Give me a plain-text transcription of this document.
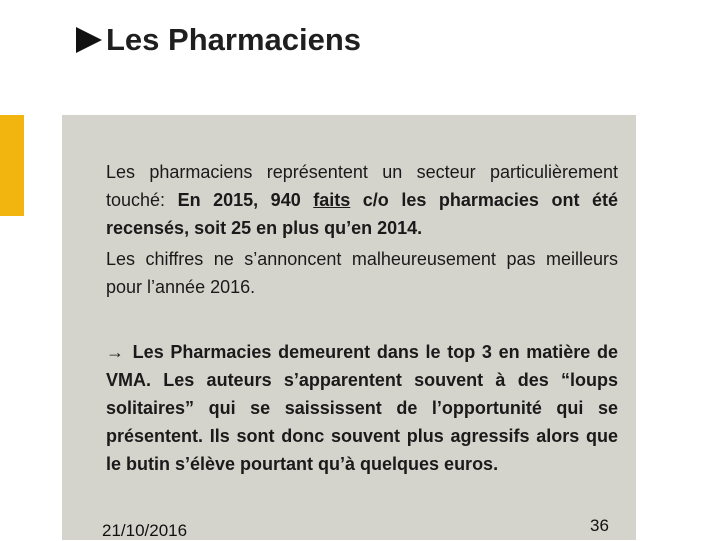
Les Pharmaciens
Les pharmaciens représentent un secteur particulièrement touché: En 2015, 940 faits c/o les pharmacies ont été recensés, soit 25 en plus qu’en 2014.
Les chiffres ne s’annoncent malheureusement pas meilleurs pour l’année 2016.
→ Les Pharmacies demeurent dans le top 3 en matière de VMA. Les auteurs s’apparentent souvent à des “loups solitaires” qui se saississent de l’opportunité qui se présentent. Ils sont donc souvent plus agressifs alors que le butin s’élève pourtant qu’à quelques euros.
21/10/2016	36
